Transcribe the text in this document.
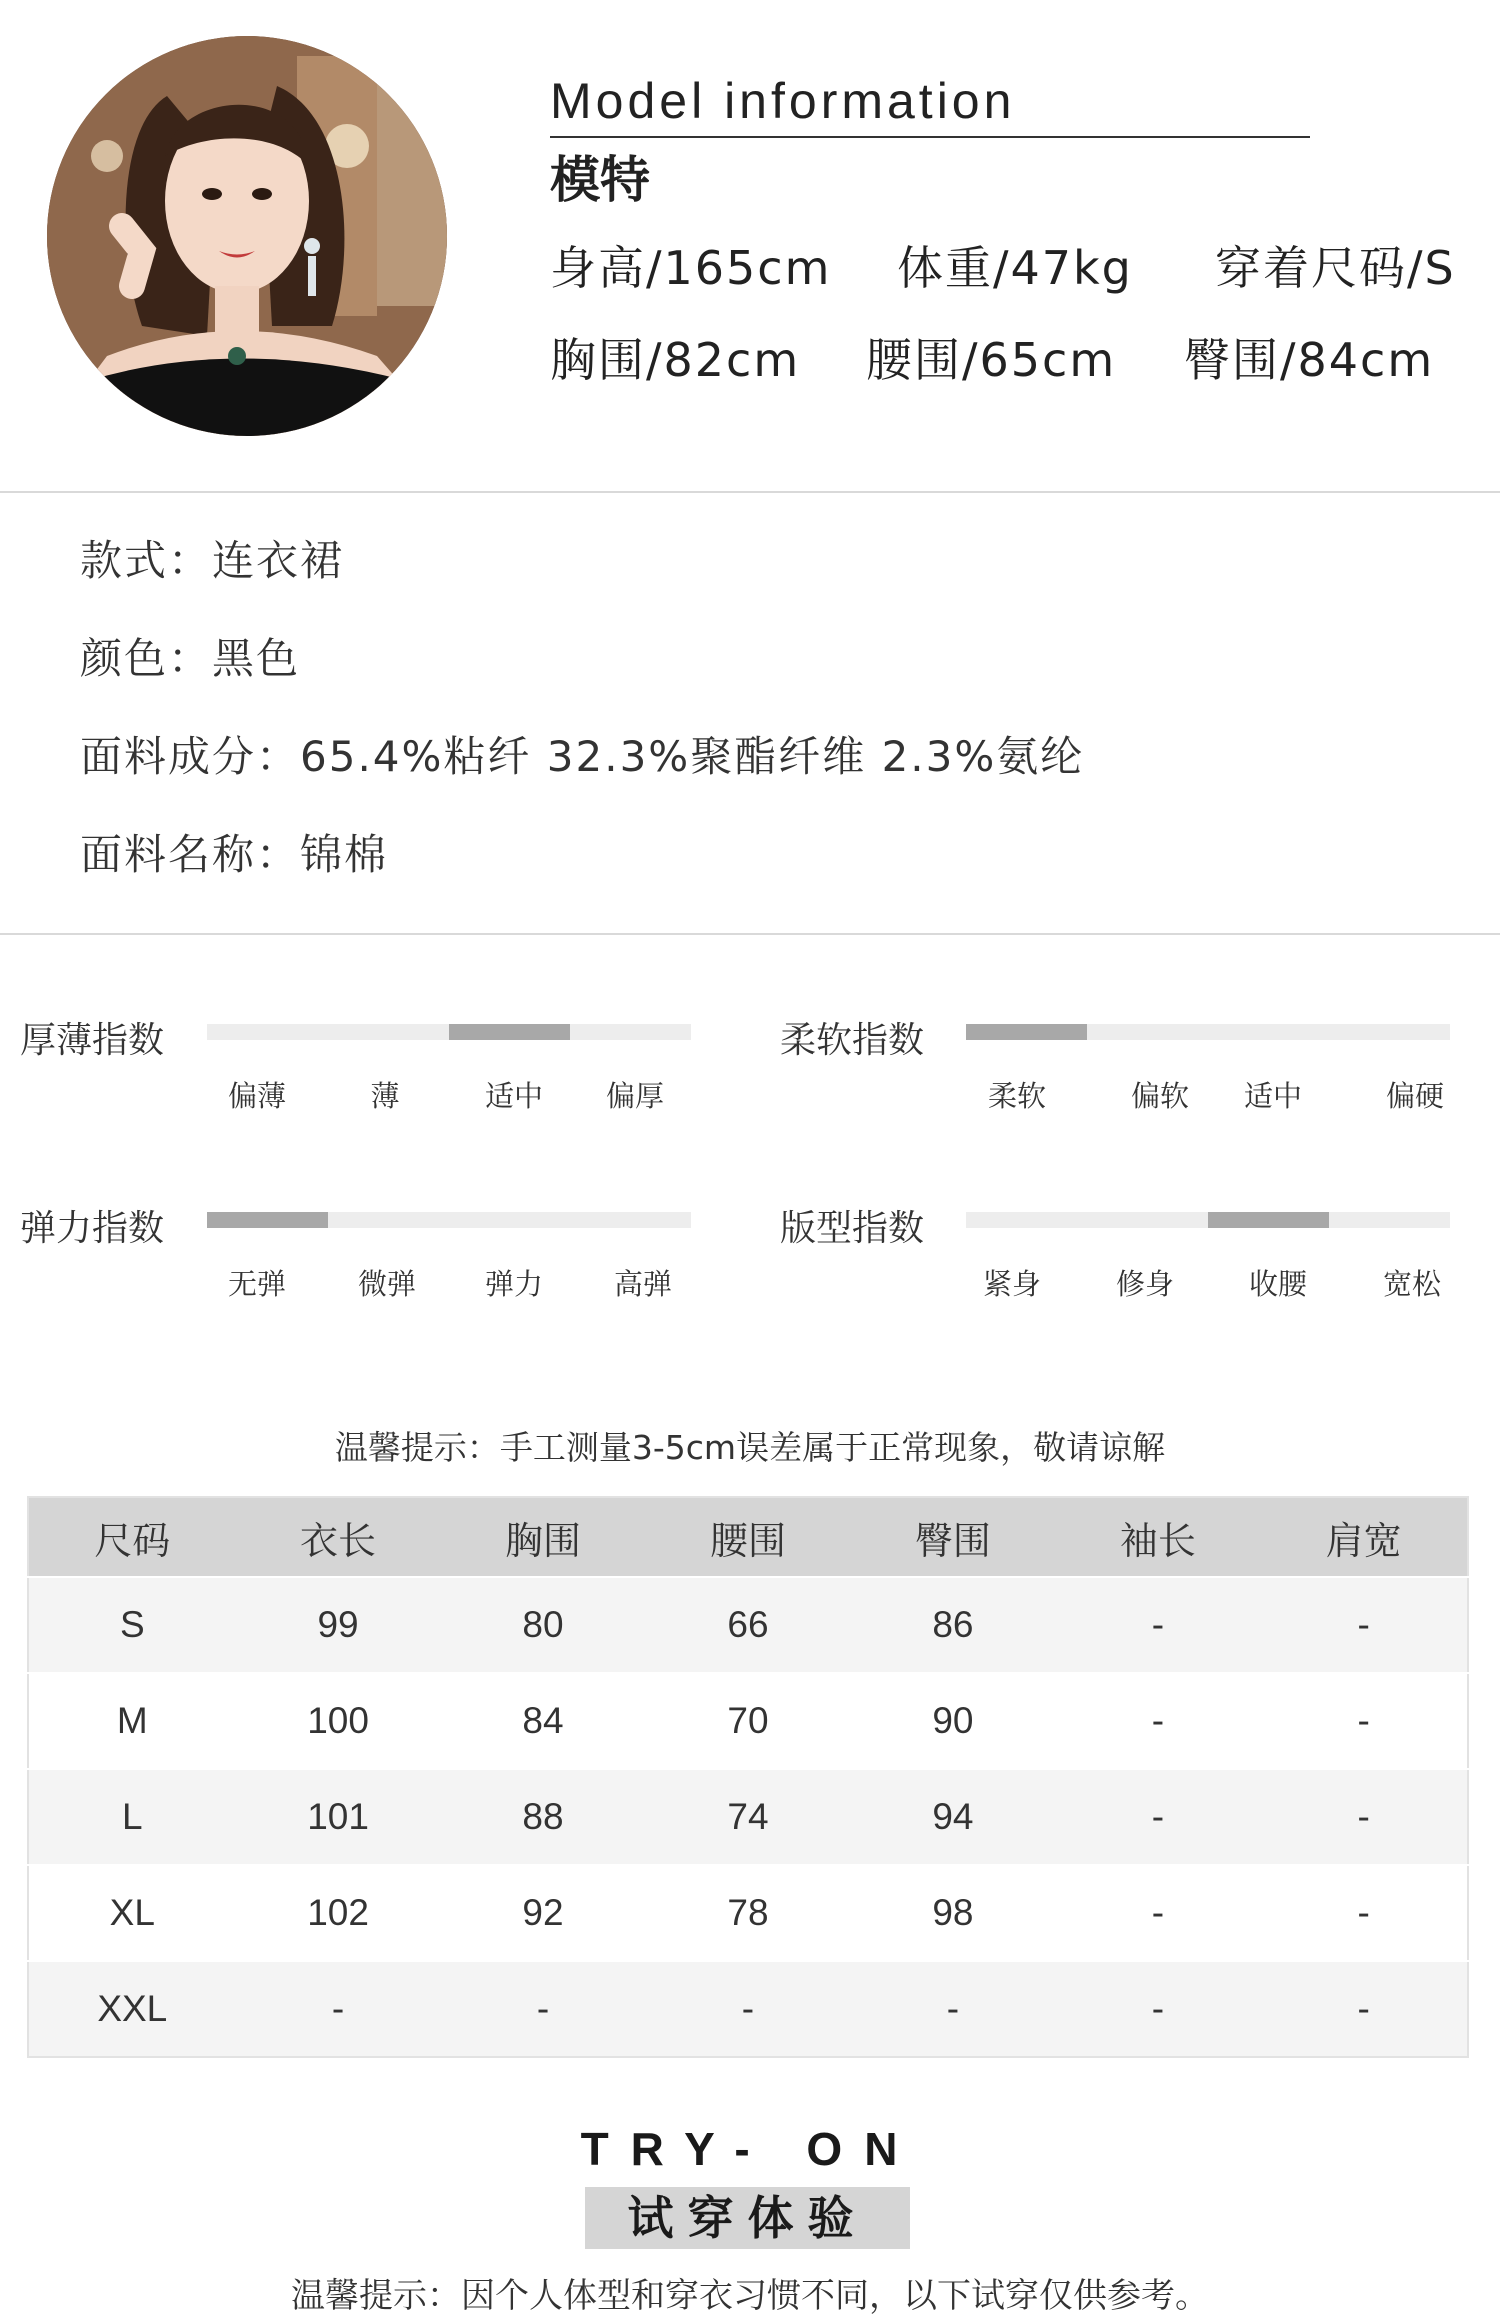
Model information
模特
身高/165cm 体重/47kg 穿着尺码/S
胸围/82cm 腰围/65cm 臀围/84cm
款式：连衣裙
颜色：黑色
面料成分：65.4%粘纤 32.3%聚酯纤维 2.3%氨纶
面料名称：锦棉
厚薄指数
偏薄	薄	适中 偏厚
柔软指数
柔软	偏软 适中	偏硬
弹力指数
无弹 微弹 弹力 高弹
版型指数
紧身	修身	收腰	宽松
温馨提示：手工测量3-5cm误差属于正常现象，敬请谅解
尺码	衣长	胸围	腰围	臀围	袖长	肩宽
S	99	80	66	86	-	-
M	100	84	70	90	-	-
L	101	88	74	94	-	-
XL	102	92	78	98	-	-
XXL	-	-	-	-	-	-
TRY- ON
试穿体验
温馨提示：因个人体型和穿衣习惯不同，以下试穿仅供参考。
